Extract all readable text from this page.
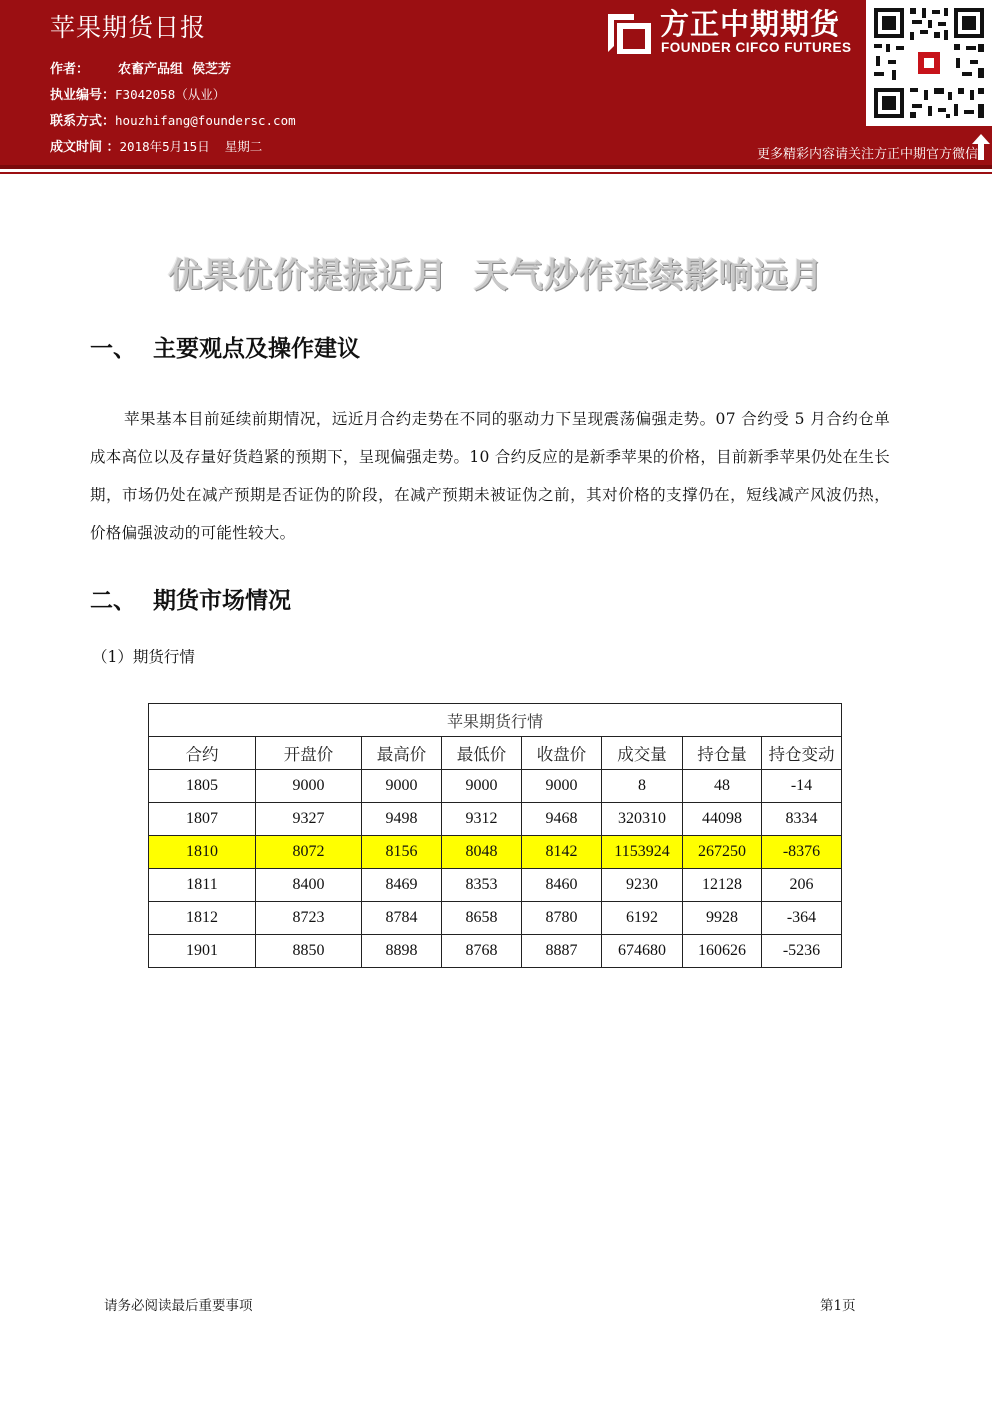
苹果期货日报
作者： 农畜产品组  侯芝芳
执业编号：F3042058（从业）
联系方式：houzhifang@foundersc.com
成文时间 ：2018年5月15日  星期二
方正中期期货
FOUNDER CIFCO FUTURES
更多精彩内容请关注方正中期官方微信
优果优价提振近月  天气炒作延续影响远月
一、 主要观点及操作建议
苹果基本目前延续前期情况，远近月合约走势在不同的驱动力下呈现震荡偏强走势。07 合约受 5 月合约仓单成本高位以及存量好货趋紧的预期下，呈现偏强走势。10 合约反应的是新季苹果的价格，目前新季苹果仍处在生长期，市场仍处在减产预期是否证伪的阶段，在减产预期未被证伪之前，其对价格的支撑仍在，短线减产风波仍热，价格偏强波动的可能性较大。
二、 期货市场情况
（1）期货行情
苹果期货行情							
合约	开盘价	最高价	最低价	收盘价	成交量	持仓量	持仓变动
1805	9000	9000	9000	9000	8	48	-14
1807	9327	9498	9312	9468	320310	44098	8334
1810	8072	8156	8048	8142	1153924	267250	-8376
1811	8400	8469	8353	8460	9230	12128	206
1812	8723	8784	8658	8780	6192	9928	-364
1901	8850	8898	8768	8887	674680	160626	-5236
请务必阅读最后重要事项	第1页
